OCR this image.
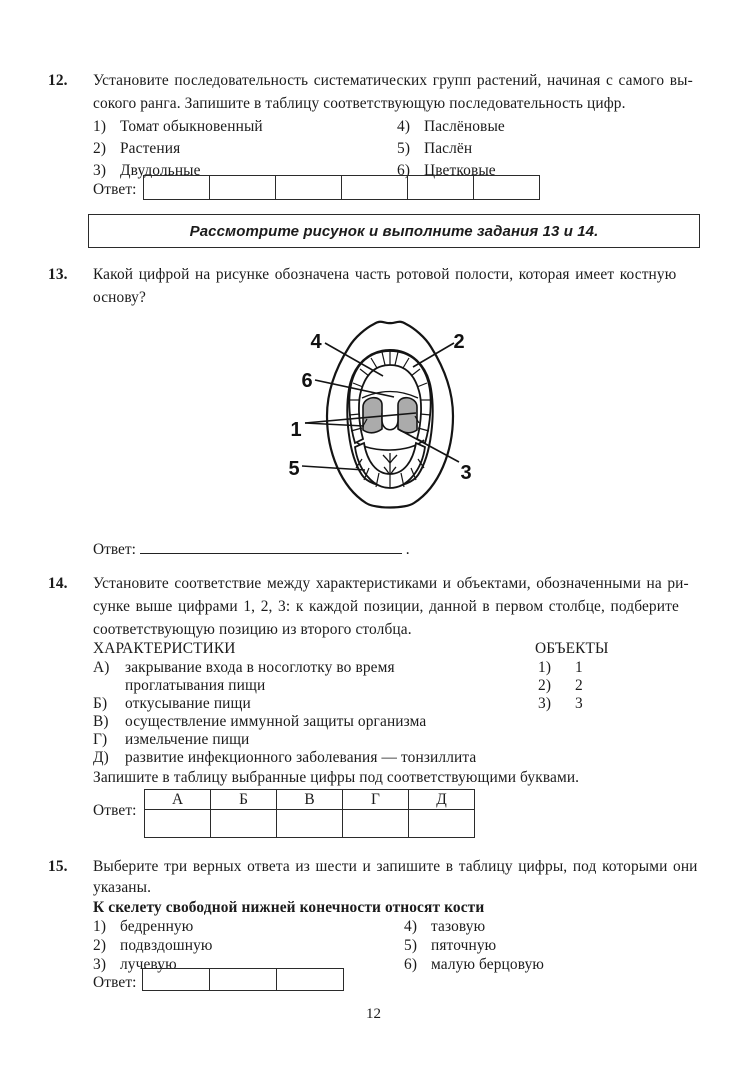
12. Установите последовательность систематических групп растений, начиная с самого вы-
сокого ранга. Запишите в таблицу соответствующую последовательность цифр.
1) Томат обыкновенный
2) Растения
3) Двудольные
4) Паслёновые
5) Паслён
6) Цветковые
Ответ:

Рассмотрите рисунок и выполните задания 13 и 14.
13. Какой цифрой на рисунке обозначена часть ротовой полости, которая имеет костную
основу?
4	2
6
1
5	3
Ответ:	.
14. Установите соответствие между характеристиками и объектами, обозначенными на ри-
сунке выше цифрами 1, 2, 3: к каждой позиции, данной в первом столбце, подберите
соответствующую позицию из второго столбца.
ХАРАКТЕРИСТИКИ	ОБЪЕКТЫ
А) закрывание входа в носоглотку во время
проглатывания пищи
Б) откусывание пищи
В) осуществление иммунной защиты организма
Г) измельчение пищи
Д) развитие инфекционного заболевания — тонзиллита
1) 1
2) 2
3) 3
Запишите в таблицу выбранные цифры под соответствующими буквами.
Ответ:
А	Б	В	Г	Д

15. Выберите три верных ответа из шести и запишите в таблицу цифры, под которыми они
указаны.
К скелету свободной нижней конечности относят кости
1) бедренную
2) подвздошную
3) лучевую
4) тазовую
5) пяточную
6) малую берцовую
Ответ:

12
